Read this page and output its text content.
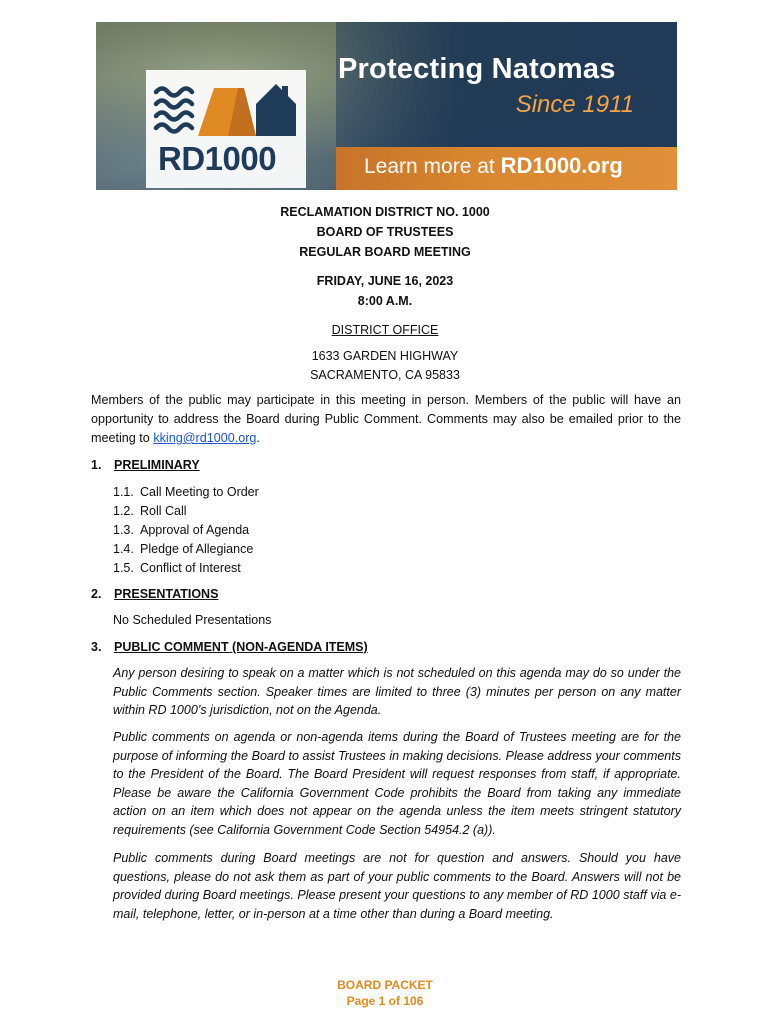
RD1000
Protecting Natomas
Since 1911
Learn more at RD1000.org
RECLAMATION DISTRICT NO. 1000
BOARD OF TRUSTEES
REGULAR BOARD MEETING
FRIDAY, JUNE 16, 2023
8:00 A.M.
DISTRICT OFFICE
1633 GARDEN HIGHWAY
SACRAMENTO, CA 95833
Members of the public may participate in this meeting in person. Members of the public will have an opportunity to address the Board during Public Comment. Comments may also be emailed prior to the meeting to kking@rd1000.org.
1. PRELIMINARY
1.1. Call Meeting to Order
1.2. Roll Call
1.3. Approval of Agenda
1.4. Pledge of Allegiance
1.5. Conflict of Interest
2. PRESENTATIONS
No Scheduled Presentations
3. PUBLIC COMMENT (NON-AGENDA ITEMS)
Any person desiring to speak on a matter which is not scheduled on this agenda may do so under the Public Comments section. Speaker times are limited to three (3) minutes per person on any matter within RD 1000’s jurisdiction, not on the Agenda.
Public comments on agenda or non-agenda items during the Board of Trustees meeting are for the purpose of informing the Board to assist Trustees in making decisions. Please address your comments to the President of the Board. The Board President will request responses from staff, if appropriate. Please be aware the California Government Code prohibits the Board from taking any immediate action on an item which does not appear on the agenda unless the item meets stringent statutory requirements (see California Government Code Section 54954.2 (a)).
Public comments during Board meetings are not for question and answers. Should you have questions, please do not ask them as part of your public comments to the Board. Answers will not be provided during Board meetings. Please present your questions to any member of RD 1000 staff via e-mail, telephone, letter, or in-person at a time other than during a Board meeting.
BOARD PACKET
Page 1 of 106
